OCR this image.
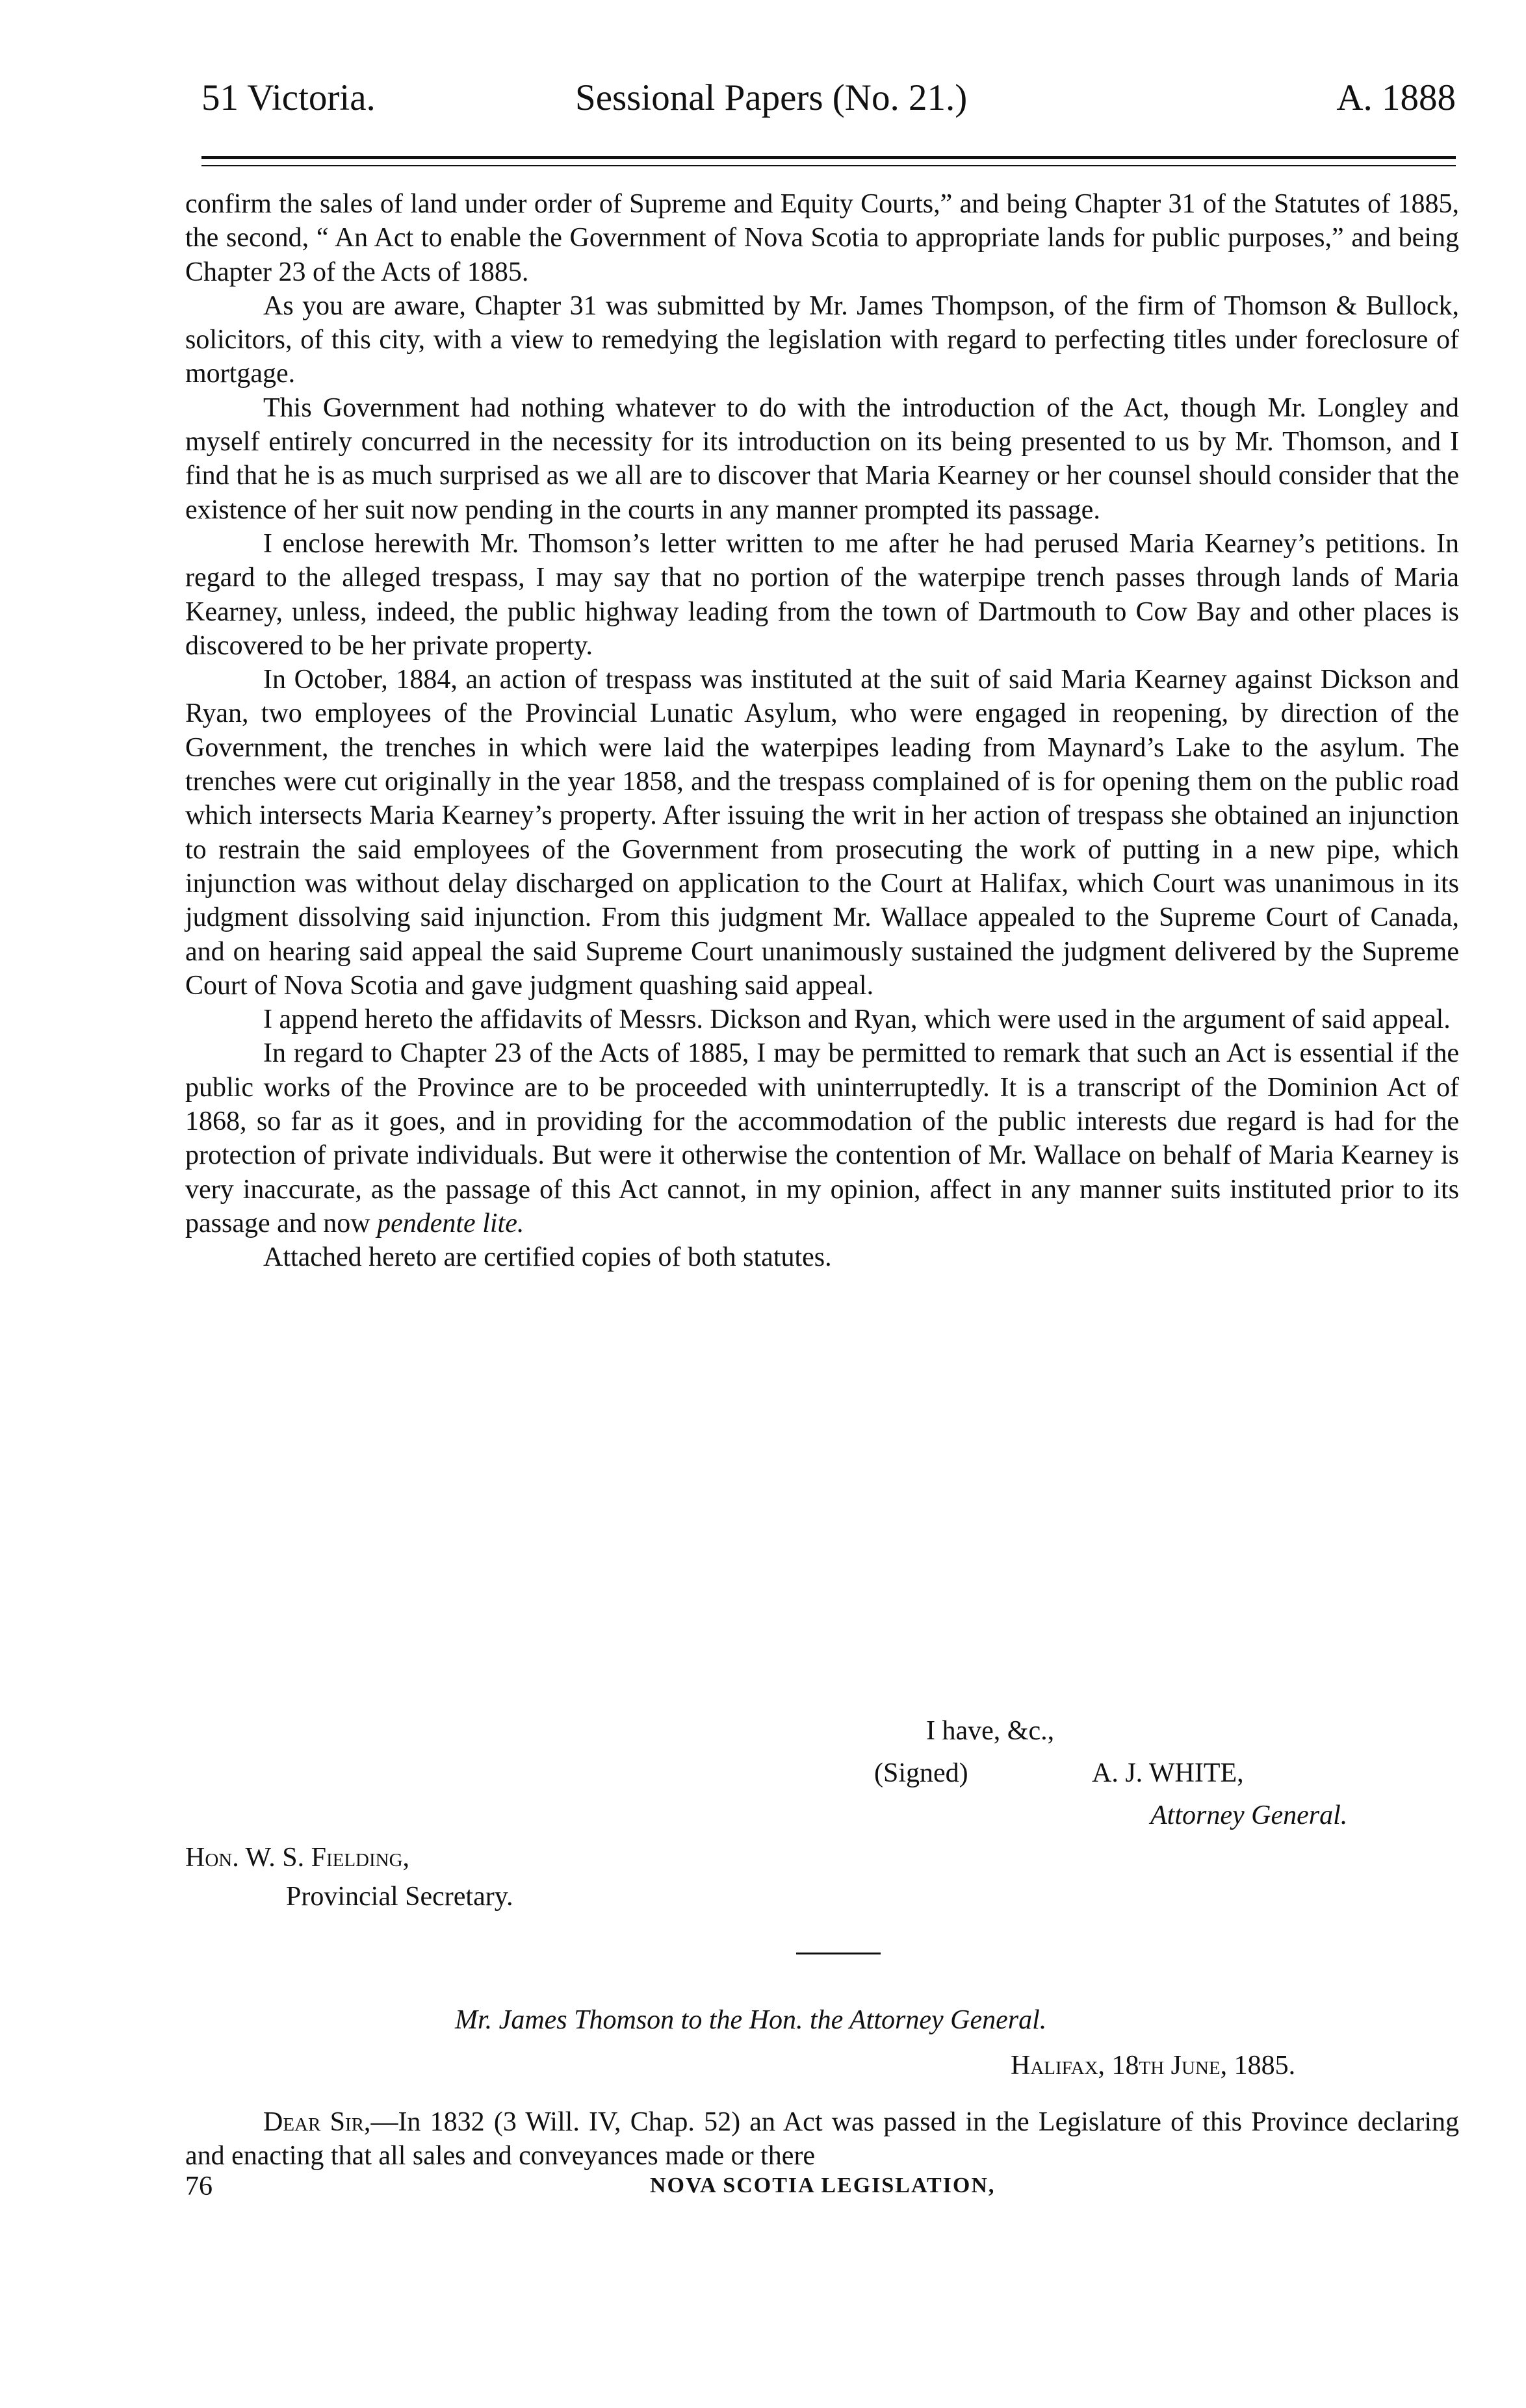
51 Victoria.	Sessional Papers (No. 21.)	A. 1888

confirm the sales of land under order of Supreme and Equity Courts,” and being Chapter 31 of the Statutes of 1885, the second, “ An Act to enable the Government of Nova Scotia to appropriate lands for public purposes,” and being Chapter 23 of the Acts of 1885.

As you are aware, Chapter 31 was submitted by Mr. James Thompson, of the firm of Thomson & Bullock, solicitors, of this city, with a view to remedying the legislation with regard to perfecting titles under foreclosure of mortgage.

This Government had nothing whatever to do with the introduction of the Act, though Mr. Longley and myself entirely concurred in the necessity for its introduction on its being presented to us by Mr. Thomson, and I find that he is as much surprised as we all are to discover that Maria Kearney or her counsel should consider that the existence of her suit now pending in the courts in any manner prompted its passage.

I enclose herewith Mr. Thomson’s letter written to me after he had perused Maria Kearney’s petitions. In regard to the alleged trespass, I may say that no portion of the waterpipe trench passes through lands of Maria Kearney, unless, indeed, the public highway leading from the town of Dartmouth to Cow Bay and other places is discovered to be her private property.

In October, 1884, an action of trespass was instituted at the suit of said Maria Kearney against Dickson and Ryan, two employees of the Provincial Lunatic Asylum, who were engaged in reopening, by direction of the Government, the trenches in which were laid the waterpipes leading from Maynard’s Lake to the asylum. The trenches were cut originally in the year 1858, and the trespass complained of is for opening them on the public road which intersects Maria Kearney’s property. After issuing the writ in her action of trespass she obtained an injunction to restrain the said employees of the Government from prosecuting the work of putting in a new pipe, which injunction was without delay discharged on application to the Court at Halifax, which Court was unanimous in its judgment dissolving said injunction. From this judgment Mr. Wallace appealed to the Supreme Court of Canada, and on hearing said appeal the said Supreme Court unanimously sustained the judgment delivered by the Supreme Court of Nova Scotia and gave judgment quashing said appeal.

I append hereto the affidavits of Messrs. Dickson and Ryan, which were used in the argument of said appeal.

In regard to Chapter 23 of the Acts of 1885, I may be permitted to remark that such an Act is essential if the public works of the Province are to be proceeded with uninterruptedly. It is a transcript of the Dominion Act of 1868, so far as it goes, and in providing for the accommodation of the public interests due regard is had for the protection of private individuals. But were it otherwise the contention of Mr. Wallace on behalf of Maria Kearney is very inaccurate, as the passage of this Act cannot, in my opinion, affect in any manner suits instituted prior to its passage and now pendente lite.

Attached hereto are certified copies of both statutes.

I have, &c.,
(Signed)	A. J. WHITE,
Attorney General.
Hon. W. S. Fielding,
Provincial Secretary.
Mr. James Thomson to the Hon. the Attorney General.
Halifax, 18th June, 1885.

Dear Sir,—In 1832 (3 Will. IV, Chap. 52) an Act was passed in the Legislature of this Province declaring and enacting that all sales and conveyances made or there

76	NOVA SCOTIA LEGISLATION,
